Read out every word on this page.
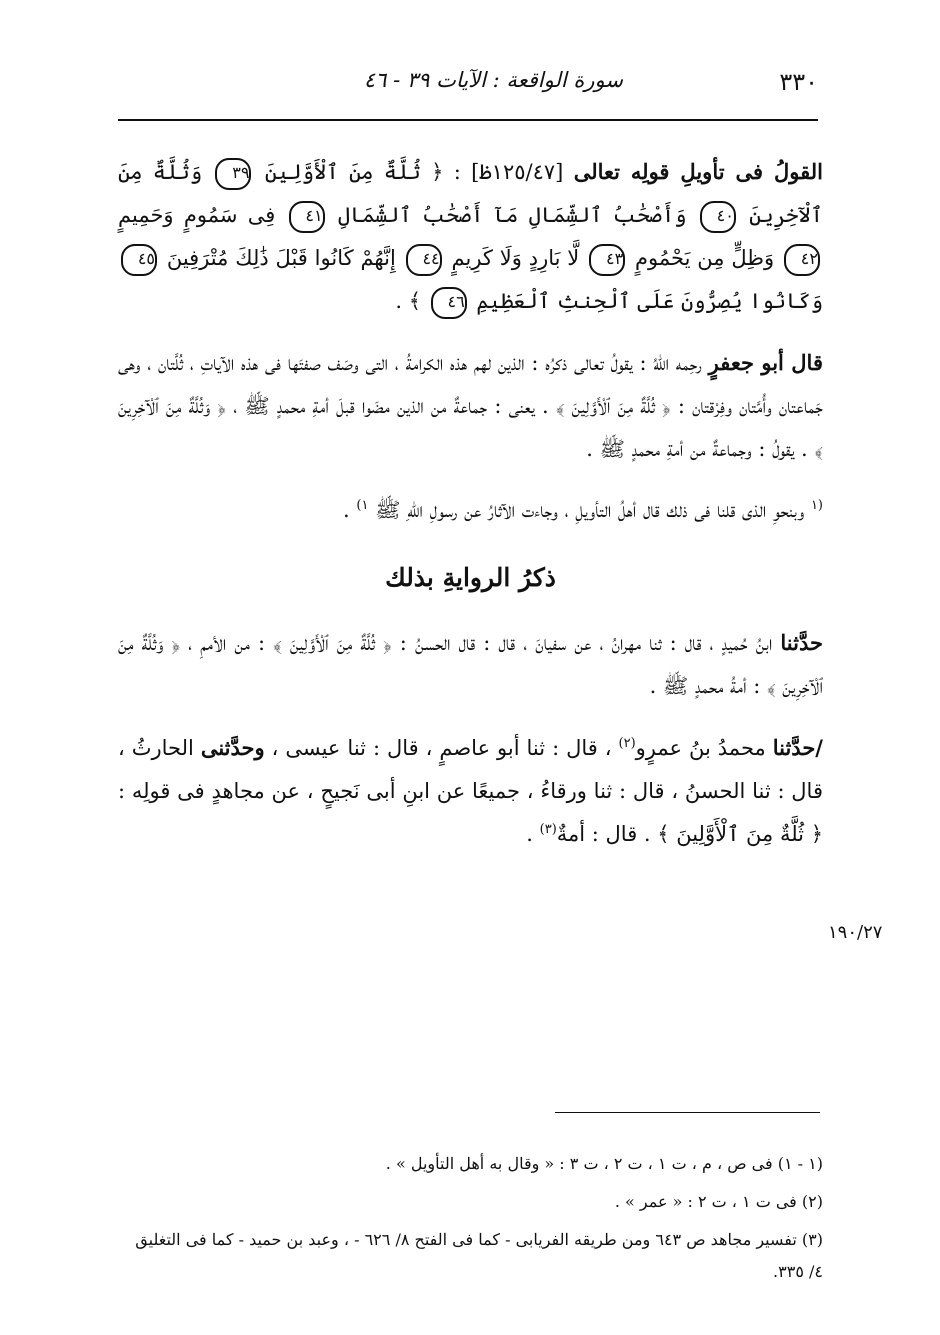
٣٣٠
سورة الواقعة : الآيات ٣٩ - ٤٦

القولُ فى تأويلِ قولِه تعالى [١٢٥/٤٧ظ] : ﴿ ثُلَّةٌ مِنَ ٱلْأَوَّلِينَ ٣٩ وَثُلَّةٌ مِنَ ٱلْآخِرِينَ ٤٠ وَأَصْحَٰبُ ٱلشِّمَالِ مَآ أَصْحَٰبُ ٱلشِّمَالِ ٤١ فِى سَمُومٍ وَحَمِيمٍ ٤٢ وَظِلٍّ مِن يَحْمُومٍ ٤٣ لَّا بَارِدٍ وَلَا كَرِيمٍ ٤٤ إِنَّهُمْ كَانُوا قَبْلَ ذَٰلِكَ مُتْرَفِينَ ٤٥ وَكَانُوا يُصِرُّونَ عَلَى ٱلْحِنثِ ٱلْعَظِيمِ ٤٦ ﴾ .

قال أبو جعفرٍ رحِمه اللهُ : يقولُ تعالى ذكرُه : الذين لهم هذه الكرامةُ ، التى وصَف صفتَها فى هذه الآياتِ ، ثُلَّتان ، وهى جَماعتان وأُمَّتان وفِرْقتان : ﴿ ثُلَّةٌ مِنَ ٱلْأَوَّلِينَ ﴾ . يعنى : جماعةٌ من الذين مضَوا قبلَ أمةِ محمدٍ ﷺ ، ﴿ وَثُلَّةٌ مِنَ ٱلْآخِرِينَ ﴾ . يقولُ : وجماعةٌ من أمةِ محمدٍ ﷺ .

$^{(١}$ وبنحوِ الذى قلنا فى ذلك قال أهلُ التأويلِ ، وجاءت الآثارُ عن رسولِ اللهِ ﷺ $^{١)}$ .

ذكرُ الروايةِ بذلك

حدَّثنا ابنُ حُميدٍ ، قال : ثنا مهرانُ ، عن سفيانَ ، قال : قال الحسنُ : ﴿ ثُلَّةٌ مِنَ ٱلْأَوَّلِينَ ﴾ : من الأممِ ، ﴿ وَثُلَّةٌ مِنَ ٱلْآخِرِينَ ﴾ : أمةُ محمدٍ ﷺ .

/حدَّثنا محمدُ بنُ عمرٍو$^{(٢)}$ ، قال : ثنا أبو عاصمٍ ، قال : ثنا عيسى ، وحدَّثنى الحارثُ ، قال : ثنا الحسنُ ، قال : ثنا ورقاءُ ، جميعًا عن ابنِ أبى نَجيحٍ ، عن مجاهدٍ فى قولِه : ﴿ ثُلَّةٌ مِنَ ٱلْأَوَّلِينَ ﴾ . قال : أمةٌ$^{(٣)}$ .

١٩٠/٢٧

(١ - ١) فى ص ، م ، ت ١ ، ت ٢ ، ت ٣ : « وقال به أهل التأويل » .

(٢) فى ت ١ ، ت ٢ : « عمر » .

(٣) تفسير مجاهد ص ٦٤٣ ومن طريقه الفريابى - كما فى الفتح ٨/ ٦٢٦ - ، وعبد بن حميد - كما فى التغليق ٤/ ٣٣٥.
